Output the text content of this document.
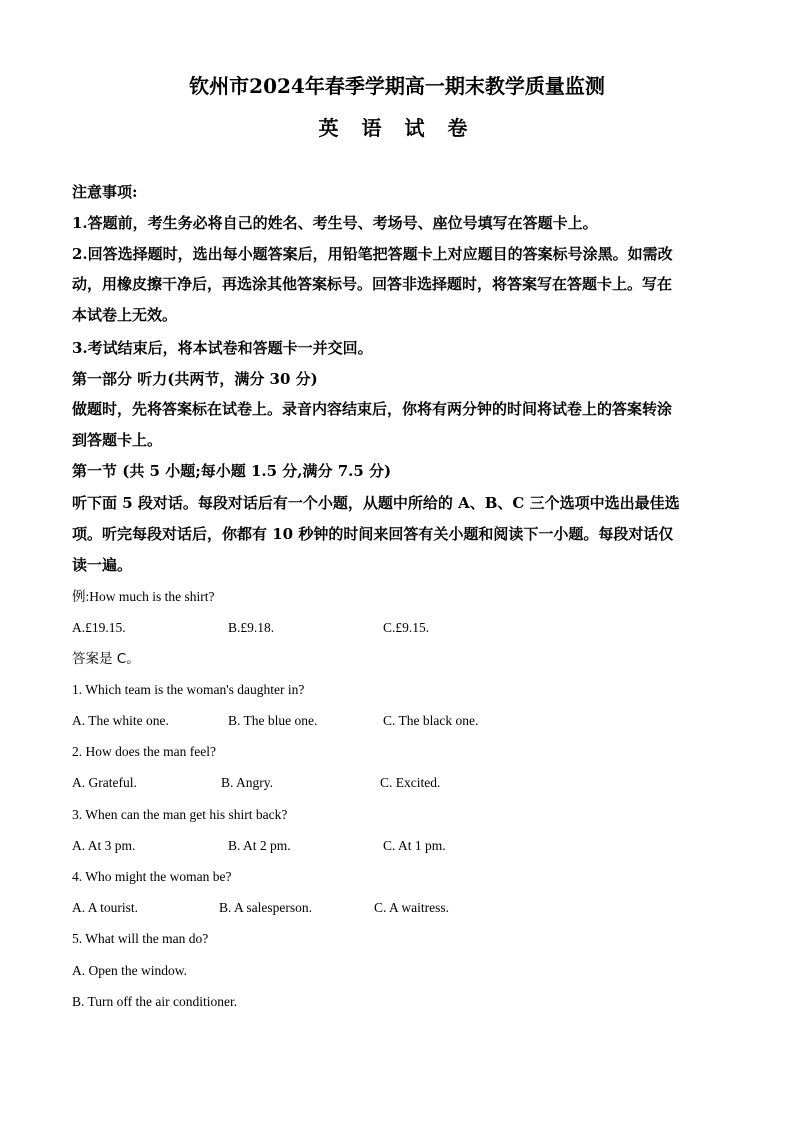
钦州市2024年春季学期高一期末教学质量监测
英 语 试 卷
注意事项:
1.答题前，考生务必将自己的姓名、考生号、考场号、座位号填写在答题卡上。
2.回答选择题时，选出每小题答案后，用铅笔把答题卡上对应题目的答案标号涂黑。如需改
动，用橡皮擦干净后，再选涂其他答案标号。回答非选择题时，将答案写在答题卡上。写在
本试卷上无效。
3.考试结束后，将本试卷和答题卡一并交回。
第一部分 听力(共两节，满分 30 分)
做题时，先将答案标在试卷上。录音内容结束后，你将有两分钟的时间将试卷上的答案转涂
到答题卡上。
第一节 (共 5 小题;每小题 1.5 分,满分 7.5 分)
听下面 5 段对话。每段对话后有一个小题，从题中所给的 A、B、C 三个选项中选出最佳选
项。听完每段对话后，你都有 10 秒钟的时间来回答有关小题和阅读下一小题。每段对话仅
读一遍。
例:How much is the shirt?
A.£19.15.	B.£9.18.	C.£9.15.
答案是 C。
1. Which team is the woman's daughter in?
A. The white one.	B. The blue one.	C. The black one.
2. How does the man feel?
A. Grateful.	B. Angry.	C. Excited.
3. When can the man get his shirt back?
A. At 3 pm.	B. At 2 pm.	C. At 1 pm.
4. Who might the woman be?
A. A tourist.	B. A salesperson.	C. A waitress.
5. What will the man do?
A. Open the window.
B. Turn off the air conditioner.
